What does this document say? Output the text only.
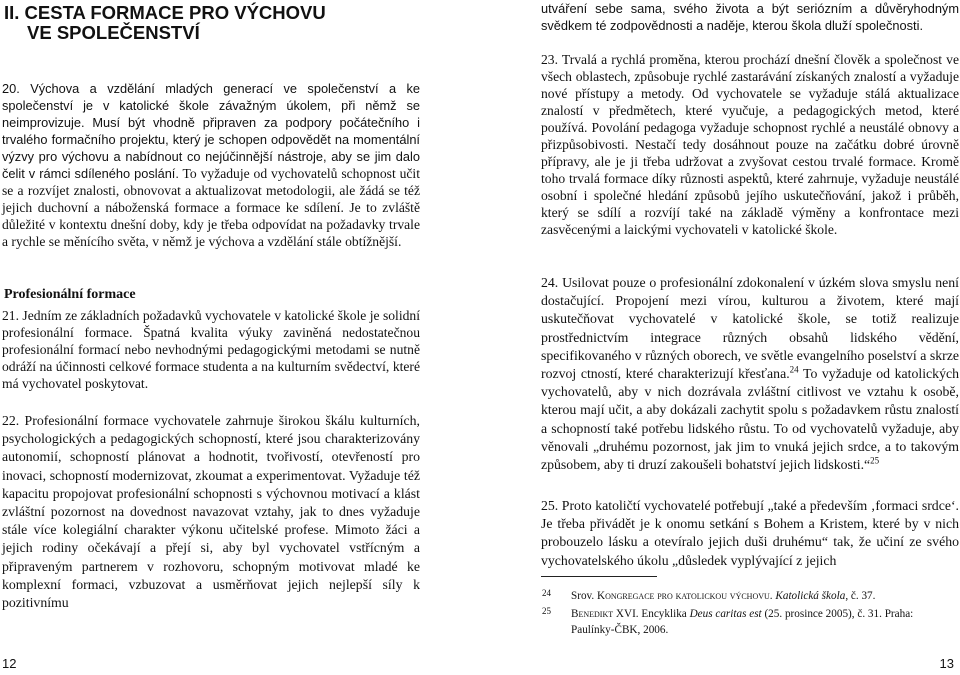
II. CESTA FORMACE PRO VÝCHOVU
VE SPOLEČENSTVÍ

20. Výchova a vzdělání mladých generací ve společenství a ke společenství je v katolické škole závažným úkolem, při němž se neimprovizuje. Musí být vhodně připraven za podpory počátečního i trvalého formačního projektu, který je schopen odpovědět na momentální výzvy pro výchovu a nabídnout co nejúčinnější nástroje, aby se jim dalo čelit v rámci sdíleného poslání. To vyžaduje od vychovatelů schopnost učit se a rozvíjet znalosti, obnovovat a aktualizovat metodologii, ale žádá se též jejich duchovní a náboženská formace a formace ke sdílení. Je to zvláště důležité v kontextu dnešní doby, kdy je třeba odpovídat na požadavky trvale a rychle se měnícího světa, v němž je výchova a vzdělání stále obtížnější.

Profesionální formace

21. Jedním ze základních požadavků vychovatele v katolické škole je solidní profesionální formace. Špatná kvalita výuky zaviněná nedostatečnou profesionální formací nebo nevhodnými pedagogickými metodami se nutně odráží na účinnosti celkové formace studenta a na kulturním svědectví, které má vychovatel poskytovat.

22. Profesionální formace vychovatele zahrnuje širokou škálu kulturních, psychologických a pedagogických schopností, které jsou charakterizovány autonomií, schopností plánovat a hodnotit, tvořivostí, otevřeností pro inovaci, schopností modernizovat, zkoumat a experimentovat. Vyžaduje též kapacitu propojovat profesionální schopnosti s výchovnou motivací a klást zvláštní pozornost na dovednost navazovat vztahy, jak to dnes vyžaduje stále více kolegiální charakter výkonu učitelské profese. Mimoto žáci a jejich rodiny očekávají a přejí si, aby byl vychovatel vstřícným a připraveným partnerem v rozhovoru, schopným motivovat mladé ke komplexní formaci, vzbuzovat a usměrňovat jejich nejlepší síly k pozitivnímu

utváření sebe sama, svého života a být seriózním a důvěryhodným svědkem té zodpovědnosti a naděje, kterou škola dluží společnosti.

23. Trvalá a rychlá proměna, kterou prochází dnešní člověk a společnost ve všech oblastech, způsobuje rychlé zastarávání získaných znalostí a vyžaduje nové přístupy a metody. Od vychovatele se vyžaduje stálá aktualizace znalostí v předmětech, které vyučuje, a pedagogických metod, které používá. Povolání pedagoga vyžaduje schopnost rychlé a neustálé obnovy a přizpůsobivosti. Nestačí tedy dosáhnout pouze na začátku dobré úrovně přípravy, ale je ji třeba udržovat a zvyšovat cestou trvalé formace. Kromě toho trvalá formace díky různosti aspektů, které zahrnuje, vyžaduje neustálé osobní i společné hledání způsobů jejího uskutečňování, jakož i průběh, který se sdílí a rozvíjí také na základě výměny a konfrontace mezi zasvěcenými a laickými vychovateli v katolické škole.

24. Usilovat pouze o profesionální zdokonalení v úzkém slova smyslu není dostačující. Propojení mezi vírou, kulturou a životem, které mají uskutečňovat vychovatelé v katolické škole, se totiž realizuje prostřednictvím integrace různých obsahů lidského vědění, specifikovaného v různých oborech, ve světle evangelního poselství a skrze rozvoj ctností, které charakterizují křesťana.$^{24}$ To vyžaduje od katolických vychovatelů, aby v nich dozrávala zvláštní citlivost ve vztahu k osobě, kterou mají učit, a aby dokázali zachytit spolu s požadavkem růstu znalostí a schopností také potřebu lidského růstu. To od vychovatelů vyžaduje, aby věnovali „druhému pozornost, jak jim to vnuká jejich srdce, a to takovým způsobem, aby ti druzí zakoušeli bohatství jejich lidskosti.“$^{25}$

25. Proto katoličtí vychovatelé potřebují „také a především ‚formaci srdce‘. Je třeba přivádět je k onomu setkání s Bohem a Kristem, které by v nich probouzelo lásku a otevíralo jejich duši druhému“ tak, že učiní ze svého vychovatelského úkolu „důsledek vyplývající z jejich

24	Srov. Kongregace pro katolickou výchovu. Katolická škola, č. 37.

25	Benedikt XVI. Encyklika Deus caritas est (25. prosince 2005), č. 31. Praha: Paulínky-ČBK, 2006.

12	13
